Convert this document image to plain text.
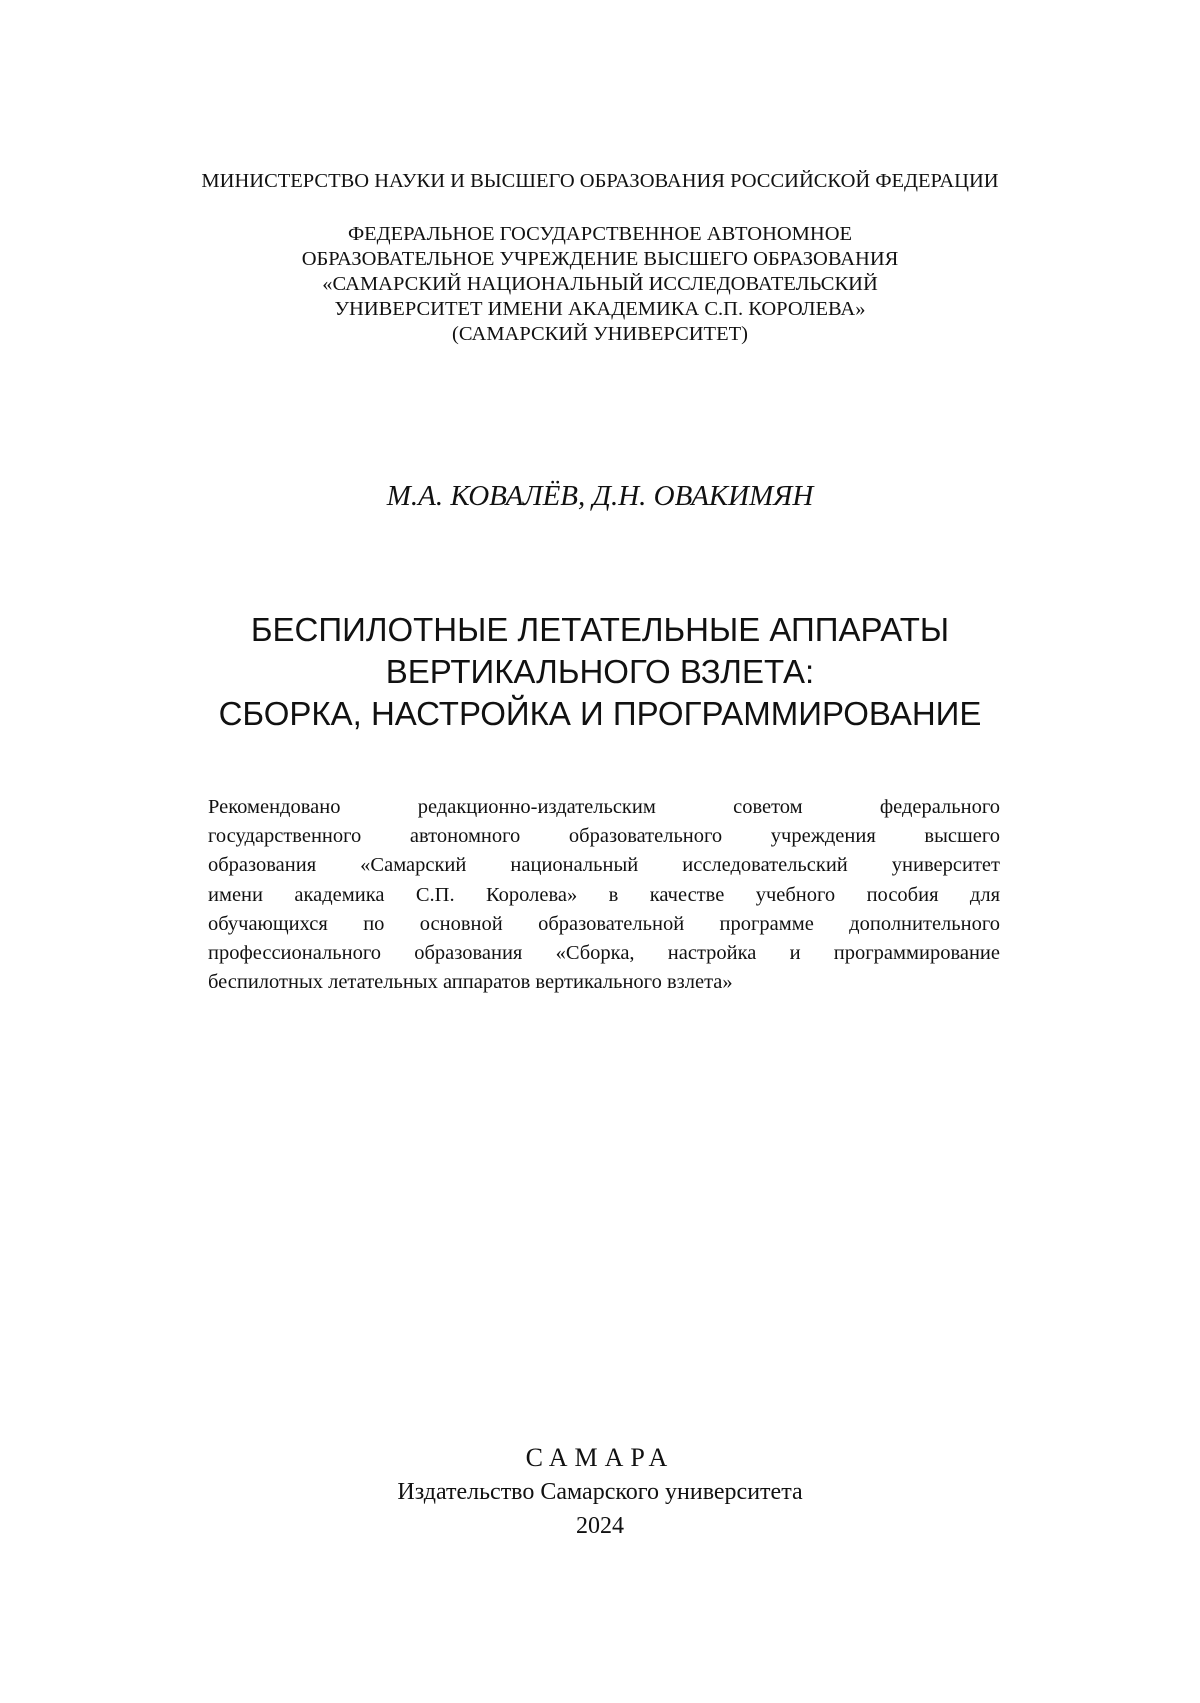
МИНИСТЕРСТВО НАУКИ И ВЫСШЕГО ОБРАЗОВАНИЯ РОССИЙСКОЙ ФЕДЕРАЦИИ
ФЕДЕРАЛЬНОЕ ГОСУДАРСТВЕННОЕ АВТОНОМНОЕ
ОБРАЗОВАТЕЛЬНОЕ УЧРЕЖДЕНИЕ ВЫСШЕГО ОБРАЗОВАНИЯ
«САМАРСКИЙ НАЦИОНАЛЬНЫЙ ИССЛЕДОВАТЕЛЬСКИЙ
УНИВЕРСИТЕТ ИМЕНИ АКАДЕМИКА С.П. КОРОЛЕВА»
(САМАРСКИЙ УНИВЕРСИТЕТ)
М.А. КОВАЛЁВ, Д.Н. ОВАКИМЯН
БЕСПИЛОТНЫЕ ЛЕТАТЕЛЬНЫЕ АППАРАТЫ
ВЕРТИКАЛЬНОГО ВЗЛЕТА:
СБОРКА, НАСТРОЙКА И ПРОГРАММИРОВАНИЕ
Рекомендовано редакционно-издательским советом федерального
государственного автономного образовательного учреждения высшего
образования «Самарский национальный исследовательский университет
имени академика С.П. Королева» в качестве учебного пособия для
обучающихся по основной образовательной программе дополнительного
профессионального образования «Сборка, настройка и программирование
беспилотных летательных аппаратов вертикального взлета»
САМАРА
Издательство Самарского университета
2024
